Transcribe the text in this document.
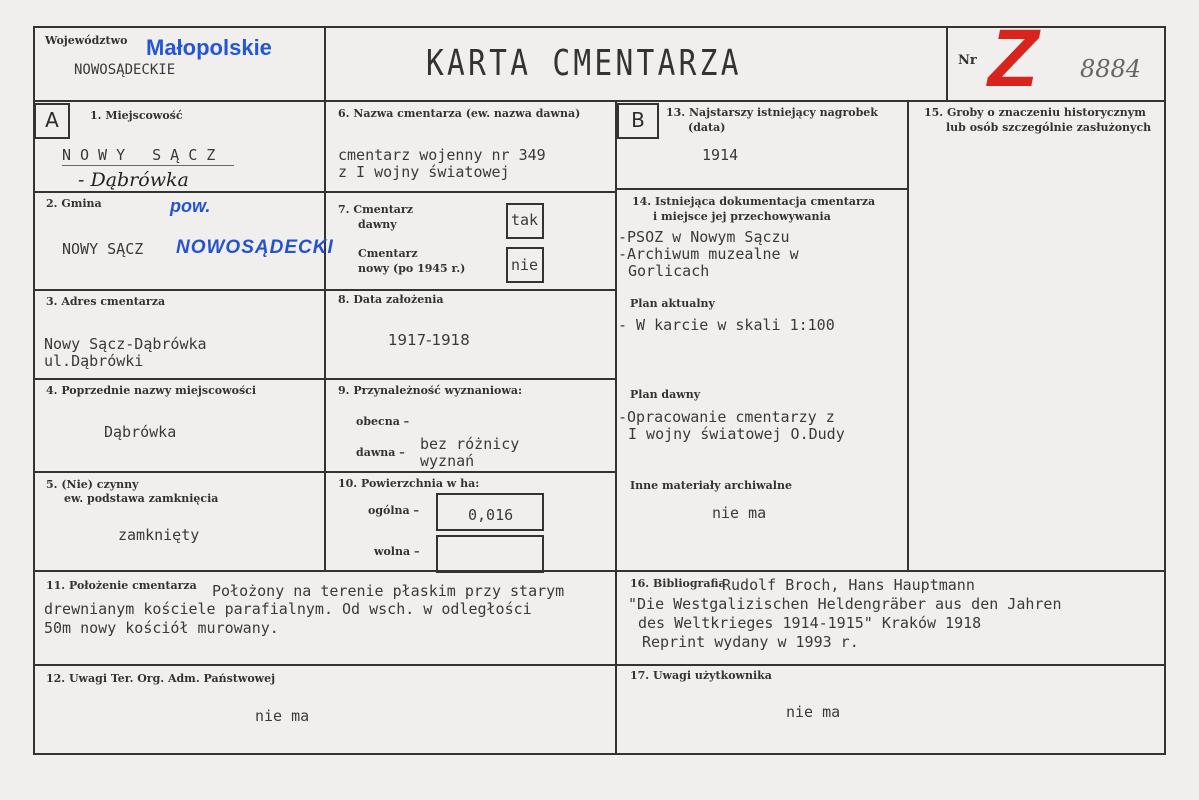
Województwo Małopolskie
NOWOSĄDECKIE	KARTA CMENTARZA	Nr Z 8884
A	1. Miejscowość
NOWY SĄCZ
- Dąbrówka
2. Gmina	pow.
NOWY SĄCZ NOWOSĄDECKI
3. Adres cmentarza
Nowy Sącz-Dąbrówka
ul.Dąbrówki
4. Poprzednie nazwy miejscowości
Dąbrówka
5. (Nie) czynny
ew. podstawa zamknięcia
zamknięty
6. Nazwa cmentarza (ew. nazwa dawna)
cmentarz wojenny nr 349
z I wojny światowej
7. Cmentarz
dawny	tak
Cmentarz
nowy (po 1945 r.)	nie
8. Data założenia
1917-1918
9. Przynależność wyznaniowa:
obecna –
dawna – bez różnicy
wyznań
10. Powierzchnia w ha:
ogólna –	0,016
wolna –
B	13. Najstarszy istniejący nagrobek
(data)
1914
14. Istniejąca dokumentacja cmentarza
i miejsce jej przechowywania
-PSOZ w Nowym Sączu
-Archiwum muzealne w
Gorlicach
Plan aktualny
- W karcie w skali 1:100
Plan dawny
-Opracowanie cmentarzy z
I wojny światowej O.Dudy
Inne materiały archiwalne
nie ma
15. Groby o znaczeniu historycznym
lub osób szczególnie zasłużonych
11. Położenie cmentarza Położony na terenie płaskim przy starym
drewnianym kościele parafialnym. Od wsch. w odległości
50m nowy kościół murowany.
16. Bibliografia
Rudolf Broch, Hans Hauptmann
"Die Westgalizischen Heldengräber aus den Jahren
des Weltkrieges 1914-1915" Kraków 1918
Reprint wydany w 1993 r.
12. Uwagi Ter. Org. Adm. Państwowej
nie ma
17. Uwagi użytkownika
nie ma
